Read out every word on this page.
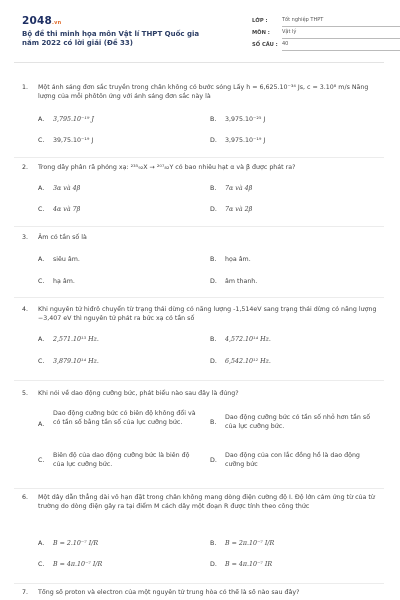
2048.vn
Bộ đề thi minh họa môn Vật lí THPT Quốc gia năm 2022 có lời giải (Đề 33)
LỚP :	Tốt nghiệp THPT
MÔN : Vật lý
SỐ CÂU : 40
1. Một ánh sáng đơn sắc truyền trong chân không có bước sóng Lấy h = 6,625.10⁻³⁴ Js, c = 3.10⁸ m/s Năng lượng của mỗi phôtôn ứng với ánh sáng đơn sắc này là
A. 3,795.10⁻¹⁹ J	B. 3,975.10⁻²⁵ J
C. 39,75.10⁻¹⁹ J	D. 3,975.10⁻¹⁹ J
2. Trong dãy phân rã phóng xạ: ²³⁵₉₂X → ²⁰⁷₈₂Y có bao nhiêu hạt α và β được phát ra?
A. 3α và 4β	B. 7α và 4β
C. 4α và 7β	D. 7α và 2β
3. Âm có tần số là
A. siêu âm.	B. họa âm.
C. hạ âm.	D. âm thanh.
4. Khi nguyên tử hiđrô chuyển từ trạng thái dừng có năng lượng -1,514eV sang trạng thái dừng có năng lượng −3,407 eV thì nguyên tử phát ra bức xạ có tần số
A. 2,571.10¹³ Hz.	B. 4,572.10¹⁴ Hz.
C. 3,879.10¹⁴ Hz.	D. 6,542.10¹² Hz.
5. Khi nói về dao động cưỡng bức, phát biểu nào sau đây là đúng?
A.
Dao động cưỡng bức có biên độ không đổi và có tần số bằng tần số của lực cưỡng bức.	B.
Dao động cưỡng bức có tần số nhỏ hơn tần số của lực cưỡng bức.
C.
Biên độ của dao động cưỡng bức là biên độ của lực cưỡng bức.
D.
Dao động của con lắc đồng hồ là dao động cưỡng bức
6. Một dây dẫn thẳng dài vô hạn đặt trong chân không mang dòng điện cường độ I. Độ lớn cảm ứng từ của từ trường do dòng điện gây ra tại điểm M cách dây một đoạn R được tính theo công thức
A. B = 2.10⁻⁷ I/R	B. B = 2π.10⁻⁷ I/R
C. B = 4π.10⁻⁷ I/R	D. B = 4π.10⁻⁷ IR
7. Tổng số proton và electron của một nguyên tử trung hòa có thể là số nào sau đây?
